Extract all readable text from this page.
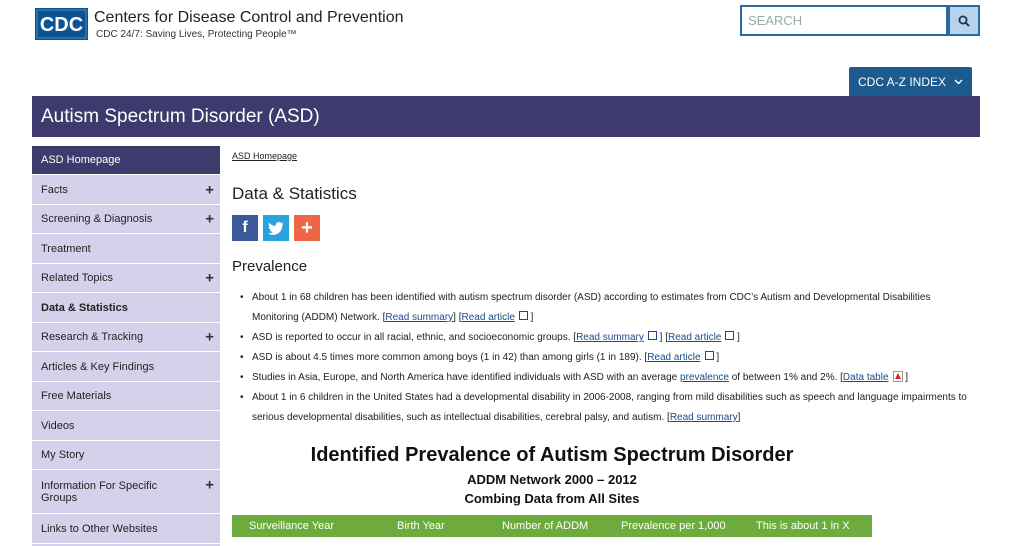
CDC Centers for Disease Control and Prevention
CDC 24/7: Saving Lives, Protecting People™
SEARCH
CDC A-Z INDEX
Autism Spectrum Disorder (ASD)
ASD Homepage
Facts	+
Screening & Diagnosis	+
Treatment
Related Topics	+
Data & Statistics
Research & Tracking	+
Articles & Key Findings
Free Materials
Videos
My Story
Information For Specific Groups
+
Links to Other Websites
ASD Homepage
Data & Statistics
f	+
Prevalence
• About 1 in 68 children has been identified with autism spectrum disorder (ASD) according to estimates from CDC’s Autism and Developmental Disabilities Monitoring (ADDM) Network. [Read summary] [Read article ]
• ASD is reported to occur in all racial, ethnic, and socioeconomic groups. [Read summary ] [Read article ]
• ASD is about 4.5 times more common among boys (1 in 42) than among girls (1 in 189). [Read article ]
• Studies in Asia, Europe, and North America have identified individuals with ASD with an average prevalence of between 1% and 2%. [Data table ]
• About 1 in 6 children in the United States had a developmental disability in 2006-2008, ranging from mild disabilities such as speech and language impairments to serious developmental disabilities, such as intellectual disabilities, cerebral palsy, and autism. [Read summary]
Identified Prevalence of Autism Spectrum Disorder
ADDM Network 2000 – 2012
Combing Data from All Sites
Surveillance Year	Birth Year	Number of ADDM	Prevalence per 1,000	This is about 1 in X
